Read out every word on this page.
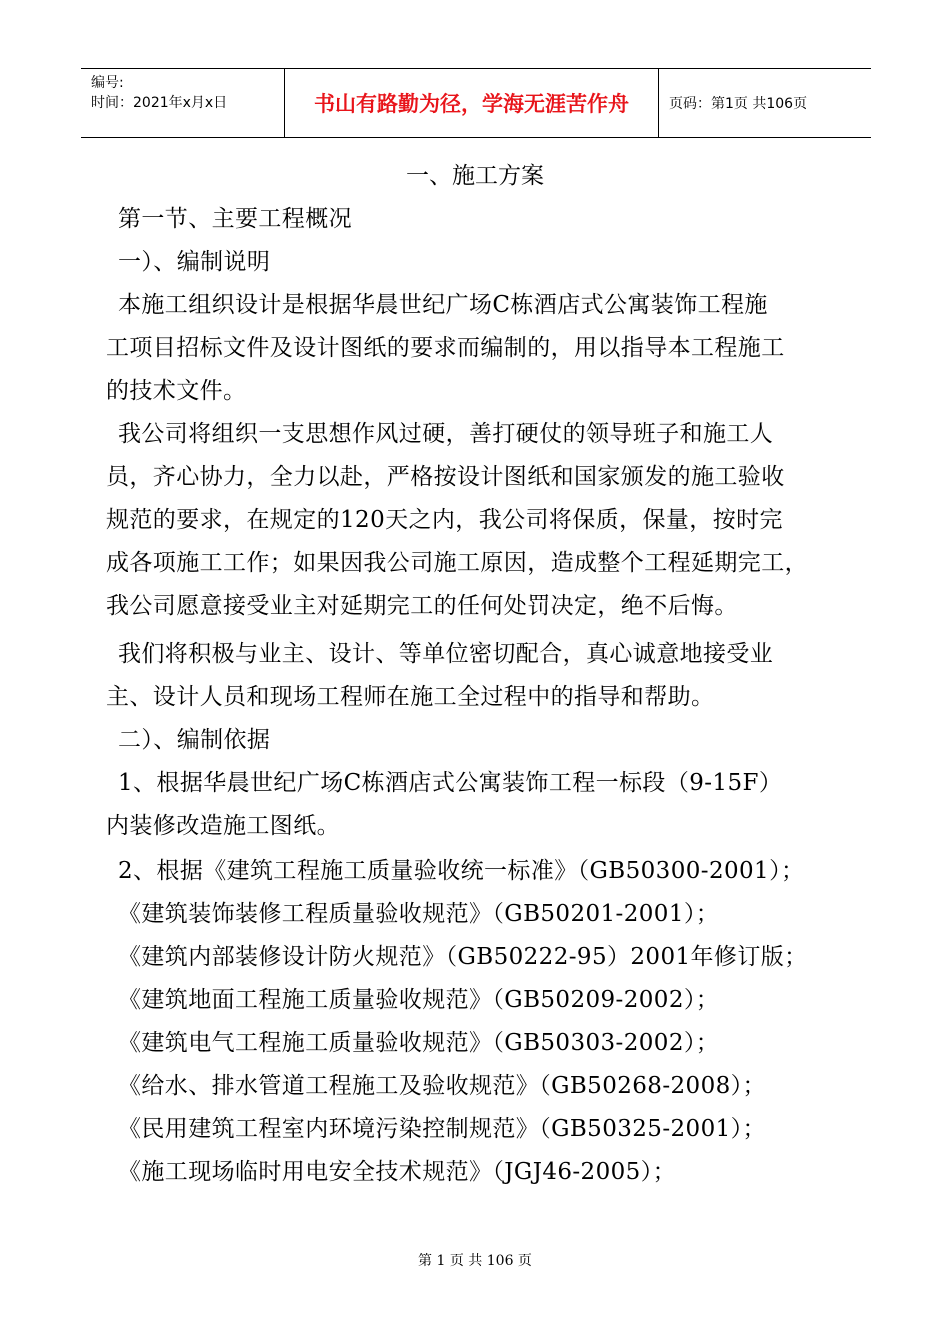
编号:
时间：2021年x月x日	书山有路勤为径，学海无涯苦作舟	页码：第1页 共106页
一、施工方案
第一节、主要工程概况
一）、编制说明
本施工组织设计是根据华晨世纪广场C栋酒店式公寓装饰工程施
工项目招标文件及设计图纸的要求而编制的，用以指导本工程施工
的技术文件。
我公司将组织一支思想作风过硬，善打硬仗的领导班子和施工人
员，齐心协力，全力以赴，严格按设计图纸和国家颁发的施工验收
规范的要求，在规定的120天之内，我公司将保质，保量，按时完
成各项施工工作；如果因我公司施工原因，造成整个工程延期完工，
我公司愿意接受业主对延期完工的任何处罚决定，绝不后悔。
我们将积极与业主、设计、等单位密切配合，真心诚意地接受业
主、设计人员和现场工程师在施工全过程中的指导和帮助。
二）、编制依据
1、根据华晨世纪广场C栋酒店式公寓装饰工程一标段（9-15F）
内装修改造施工图纸。
2、根据《建筑工程施工质量验收统一标准》（GB50300-2001）；
《建筑装饰装修工程质量验收规范》（GB50201-2001）；
《建筑内部装修设计防火规范》（GB50222-95）2001年修订版；
《建筑地面工程施工质量验收规范》（GB50209-2002）；
《建筑电气工程施工质量验收规范》（GB50303-2002）；
《给水、排水管道工程施工及验收规范》（GB50268-2008）；
《民用建筑工程室内环境污染控制规范》（GB50325-2001）；
《施工现场临时用电安全技术规范》（JGJ46-2005）；
第 1 页 共 106 页
